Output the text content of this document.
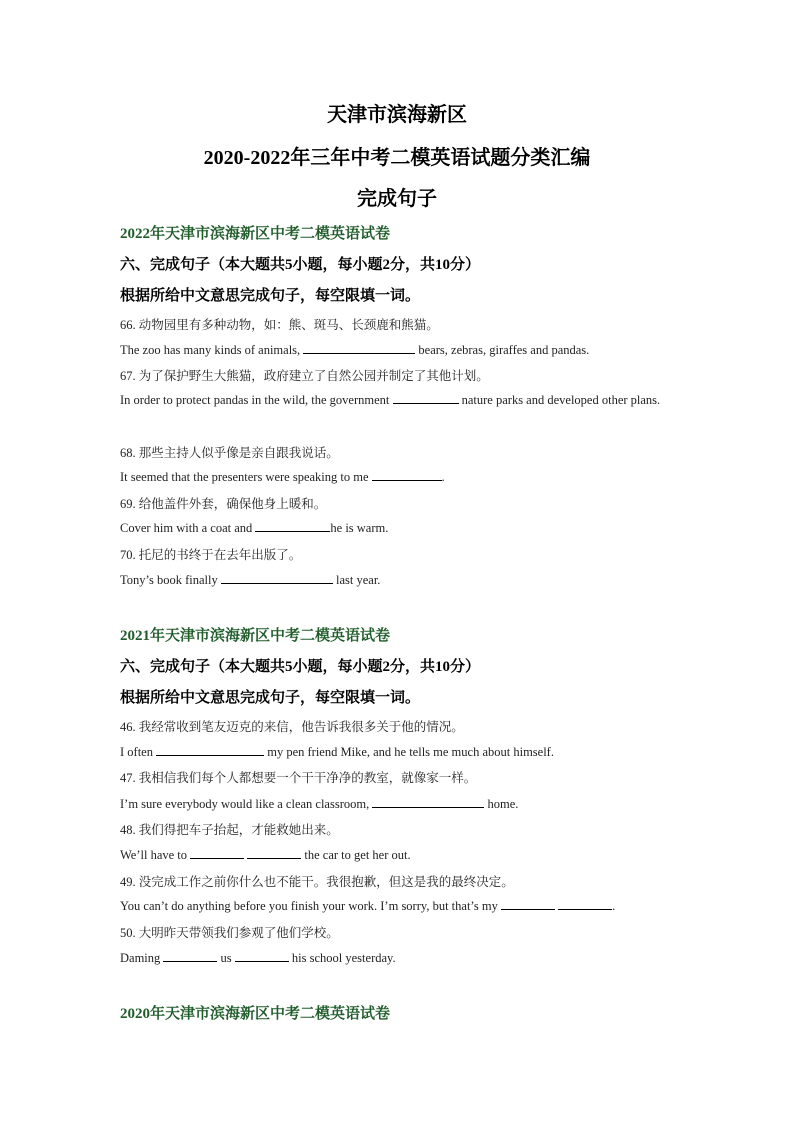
天津市滨海新区
2020-2022年三年中考二模英语试题分类汇编
完成句子
2022年天津市滨海新区中考二模英语试卷
六、完成句子（本大题共5小题，每小题2分，共10分）
根据所给中文意思完成句子，每空限填一词。
66. 动物园里有多种动物，如：熊、斑马、长颈鹿和熊猫。
The zoo has many kinds of animals,	bears, zebras, giraffes and pandas.
67. 为了保护野生大熊猫，政府建立了自然公园并制定了其他计划。
In order to protect pandas in the wild, the government	nature parks and developed other plans.
68. 那些主持人似乎像是亲自跟我说话。
It seemed that the presenters were speaking to me	.
69. 给他盖件外套，确保他身上暖和。
Cover him with a coat and	he is warm.
70. 托尼的书终于在去年出版了。
Tony’s book finally	last year.
2021年天津市滨海新区中考二模英语试卷
六、完成句子（本大题共5小题，每小题2分，共10分）
根据所给中文意思完成句子，每空限填一词。
46. 我经常收到笔友迈克的来信，他告诉我很多关于他的情况。
I often	my pen friend Mike, and he tells me much about himself.
47. 我相信我们每个人都想要一个干干净净的教室，就像家一样。
I’m sure everybody would like a clean classroom,	home.
48. 我们得把车子抬起，才能救她出来。
We’ll have to	the car to get her out.
49. 没完成工作之前你什么也不能干。我很抱歉，但这是我的最终决定。
You can’t do anything before you finish your work. I’m sorry, but that’s my	.
50. 大明昨天带领我们参观了他们学校。
Daming	us	his school yesterday.
2020年天津市滨海新区中考二模英语试卷
